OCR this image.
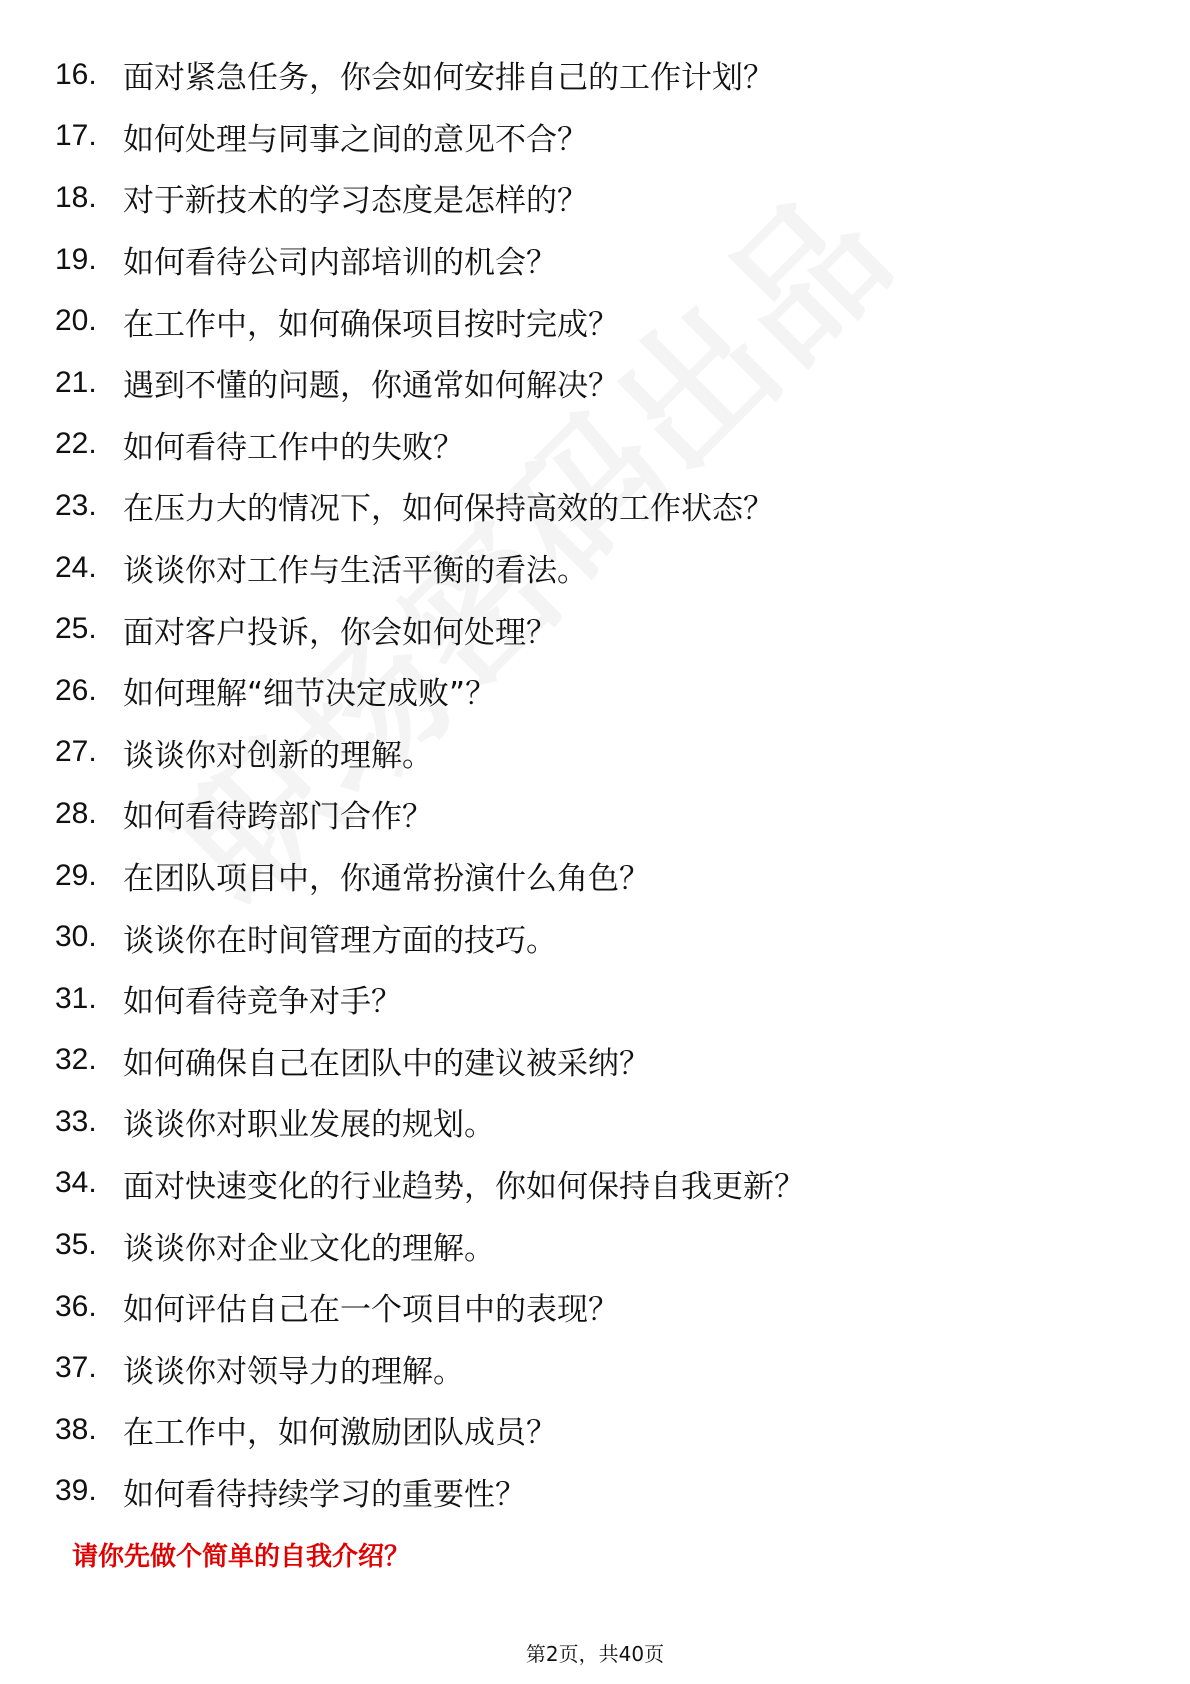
16. 面对紧急任务，你会如何安排自己的工作计划？
17. 如何处理与同事之间的意见不合？
18. 对于新技术的学习态度是怎样的？
19. 如何看待公司内部培训的机会？
20. 在工作中，如何确保项目按时完成？
21. 遇到不懂的问题，你通常如何解决？
22. 如何看待工作中的失败？
23. 在压力大的情况下，如何保持高效的工作状态？
24. 谈谈你对工作与生活平衡的看法。
25. 面对客户投诉，你会如何处理？
26. 如何理解“细节决定成败”？
27. 谈谈你对创新的理解。
28. 如何看待跨部门合作？
29. 在团队项目中，你通常扮演什么角色？
30. 谈谈你在时间管理方面的技巧。
31. 如何看待竞争对手？
32. 如何确保自己在团队中的建议被采纳？
33. 谈谈你对职业发展的规划。
34. 面对快速变化的行业趋势，你如何保持自我更新？
35. 谈谈你对企业文化的理解。
36. 如何评估自己在一个项目中的表现？
37. 谈谈你对领导力的理解。
38. 在工作中，如何激励团队成员？
39. 如何看待持续学习的重要性？
请你先做个简单的自我介绍？
第2页，共40页
